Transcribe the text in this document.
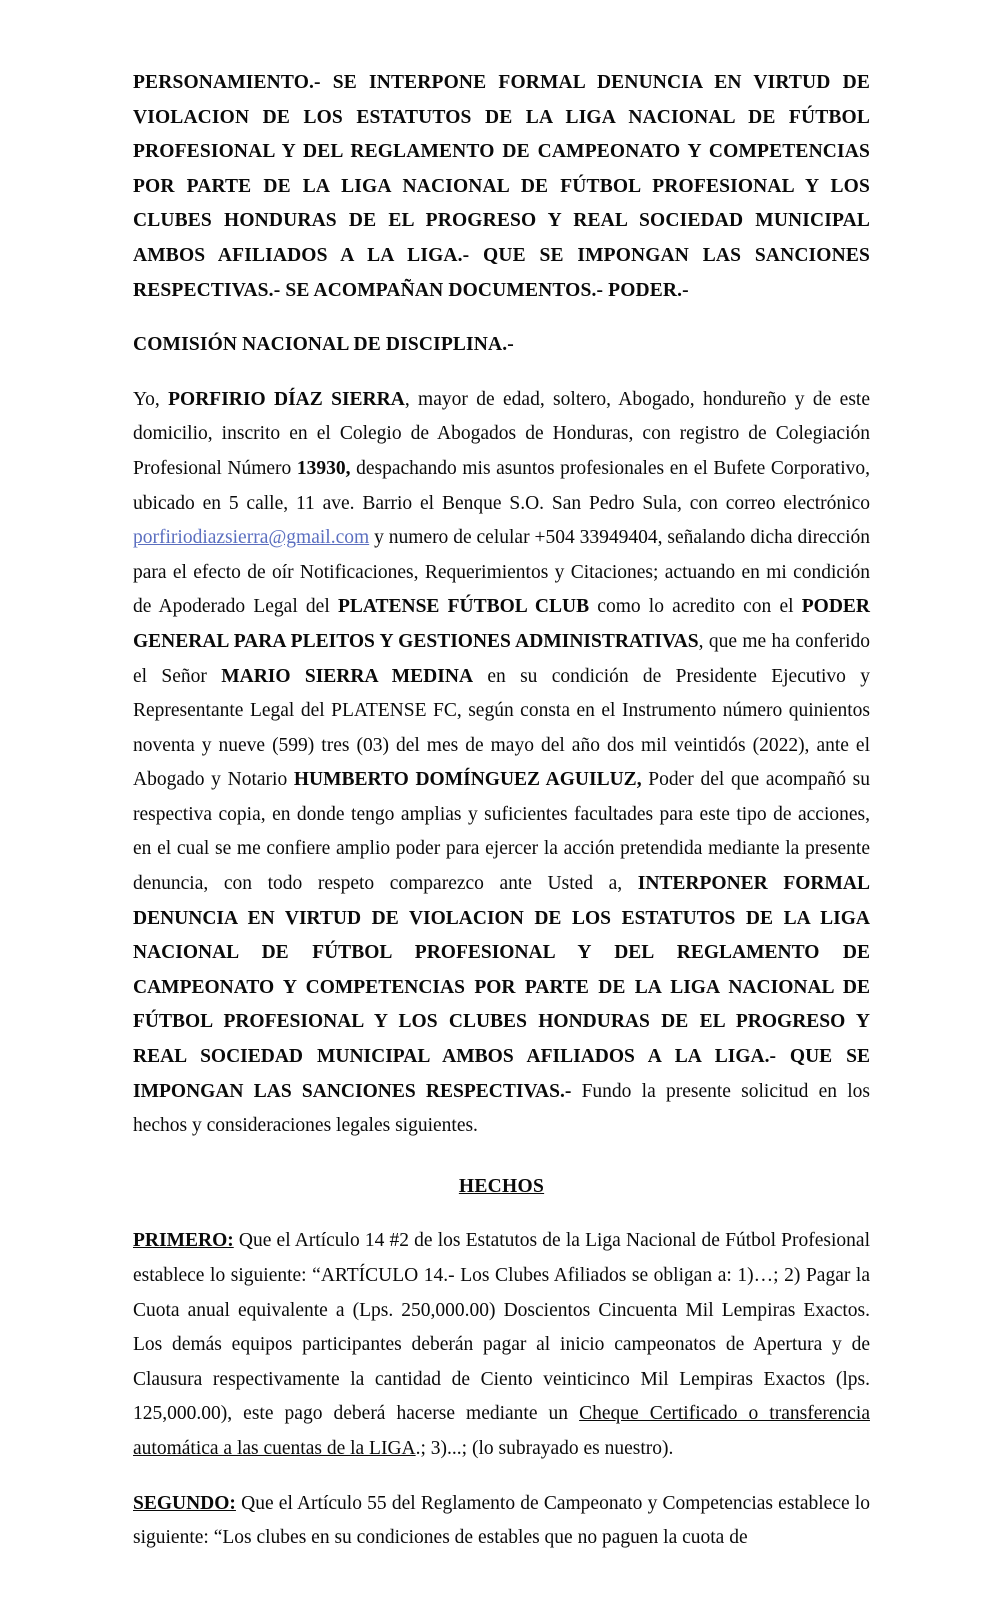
PERSONAMIENTO.- SE INTERPONE FORMAL DENUNCIA EN VIRTUD DE VIOLACION DE LOS ESTATUTOS DE LA LIGA NACIONAL DE FÚTBOL PROFESIONAL Y DEL REGLAMENTO DE CAMPEONATO Y COMPETENCIAS POR PARTE DE LA LIGA NACIONAL DE FÚTBOL PROFESIONAL Y LOS CLUBES HONDURAS DE EL PROGRESO Y REAL SOCIEDAD MUNICIPAL AMBOS AFILIADOS A LA LIGA.- QUE SE IMPONGAN LAS SANCIONES RESPECTIVAS.- SE ACOMPAÑAN DOCUMENTOS.- PODER.-

COMISIÓN NACIONAL DE DISCIPLINA.-

Yo, PORFIRIO DÍAZ SIERRA, mayor de edad, soltero, Abogado, hondureño y de este domicilio, inscrito en el Colegio de Abogados de Honduras, con registro de Colegiación Profesional Número 13930, despachando mis asuntos profesionales en el Bufete Corporativo, ubicado en 5 calle, 11 ave. Barrio el Benque S.O. San Pedro Sula, con correo electrónico porfiriodiazsierra@gmail.com y numero de celular +504 33949404, señalando dicha dirección para el efecto de oír Notificaciones, Requerimientos y Citaciones; actuando en mi condición de Apoderado Legal del PLATENSE FÚTBOL CLUB como lo acredito con el PODER GENERAL PARA PLEITOS Y GESTIONES ADMINISTRATIVAS, que me ha conferido el Señor MARIO SIERRA MEDINA en su condición de Presidente Ejecutivo y Representante Legal del PLATENSE FC, según consta en el Instrumento número quinientos noventa y nueve (599) tres (03) del mes de mayo del año dos mil veintidós (2022), ante el Abogado y Notario HUMBERTO DOMÍNGUEZ AGUILUZ, Poder del que acompañó su respectiva copia, en donde tengo amplias y suficientes facultades para este tipo de acciones, en el cual se me confiere amplio poder para ejercer la acción pretendida mediante la presente denuncia, con todo respeto comparezco ante Usted a, INTERPONER FORMAL DENUNCIA EN VIRTUD DE VIOLACION DE LOS ESTATUTOS DE LA LIGA NACIONAL DE FÚTBOL PROFESIONAL Y DEL REGLAMENTO DE CAMPEONATO Y COMPETENCIAS POR PARTE DE LA LIGA NACIONAL DE FÚTBOL PROFESIONAL Y LOS CLUBES HONDURAS DE EL PROGRESO Y REAL SOCIEDAD MUNICIPAL AMBOS AFILIADOS A LA LIGA.- QUE SE IMPONGAN LAS SANCIONES RESPECTIVAS.- Fundo la presente solicitud en los hechos y consideraciones legales siguientes.

HECHOS

PRIMERO: Que el Artículo 14 #2 de los Estatutos de la Liga Nacional de Fútbol Profesional establece lo siguiente: “ARTÍCULO 14.- Los Clubes Afiliados se obligan a: 1)…; 2) Pagar la Cuota anual equivalente a (Lps. 250,000.00) Doscientos Cincuenta Mil Lempiras Exactos. Los demás equipos participantes deberán pagar al inicio campeonatos de Apertura y de Clausura respectivamente la cantidad de Ciento veinticinco Mil Lempiras Exactos (lps. 125,000.00), este pago deberá hacerse mediante un Cheque Certificado o transferencia automática a las cuentas de la LIGA.; 3)...; (lo subrayado es nuestro).

SEGUNDO: Que el Artículo 55 del Reglamento de Campeonato y Competencias establece lo siguiente: “Los clubes en su condiciones de estables que no paguen la cuota de
